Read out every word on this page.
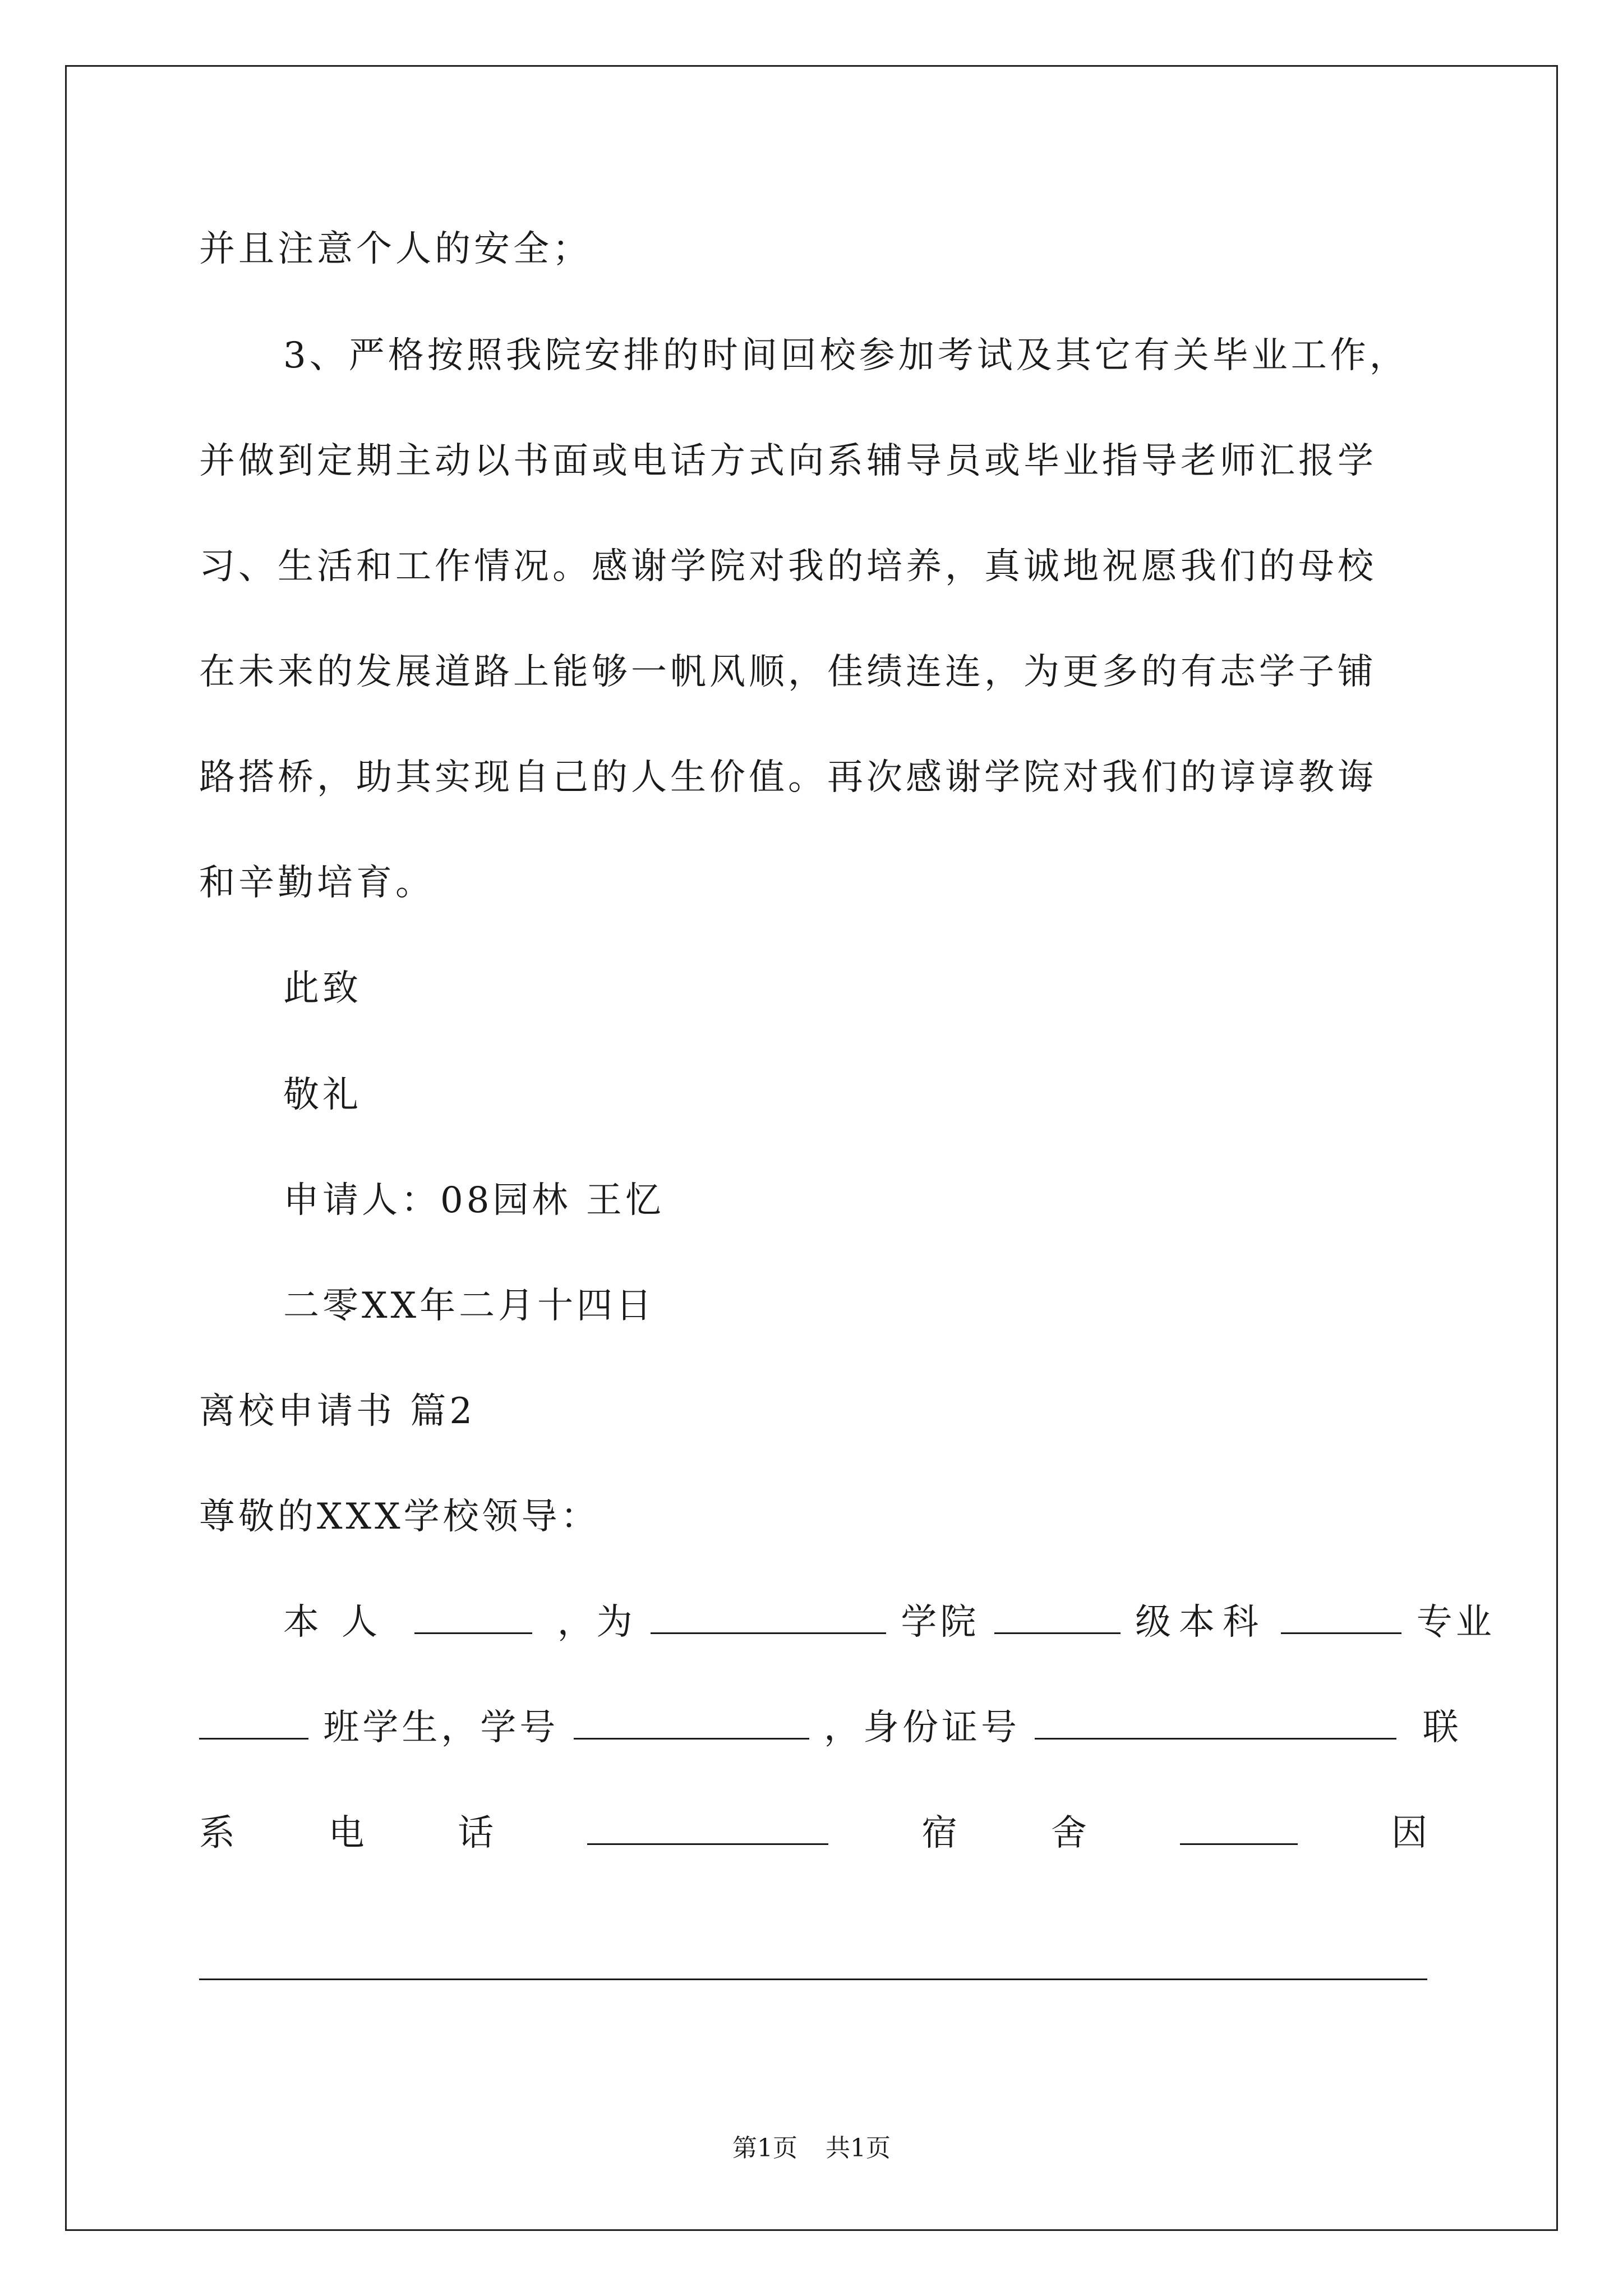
并且注意个人的安全；
3、严格按照我院安排的时间回校参加考试及其它有关毕业工作，
并做到定期主动以书面或电话方式向系辅导员或毕业指导老师汇报学
习、生活和工作情况。感谢学院对我的培养，真诚地祝愿我们的母校
在未来的发展道路上能够一帆风顺，佳绩连连，为更多的有志学子铺
路搭桥，助其实现自己的人生价值。再次感谢学院对我们的谆谆教诲
和辛勤培育。
此致
敬礼
申请人：08园林 王忆
二零XX年二月十四日
离校申请书 篇2
尊敬的XXX学校领导：
本人	，为	学院	级本科	专业
班学生，学号	，身份证号	联
系	电	话	宿	舍	因
第1页 共1页
